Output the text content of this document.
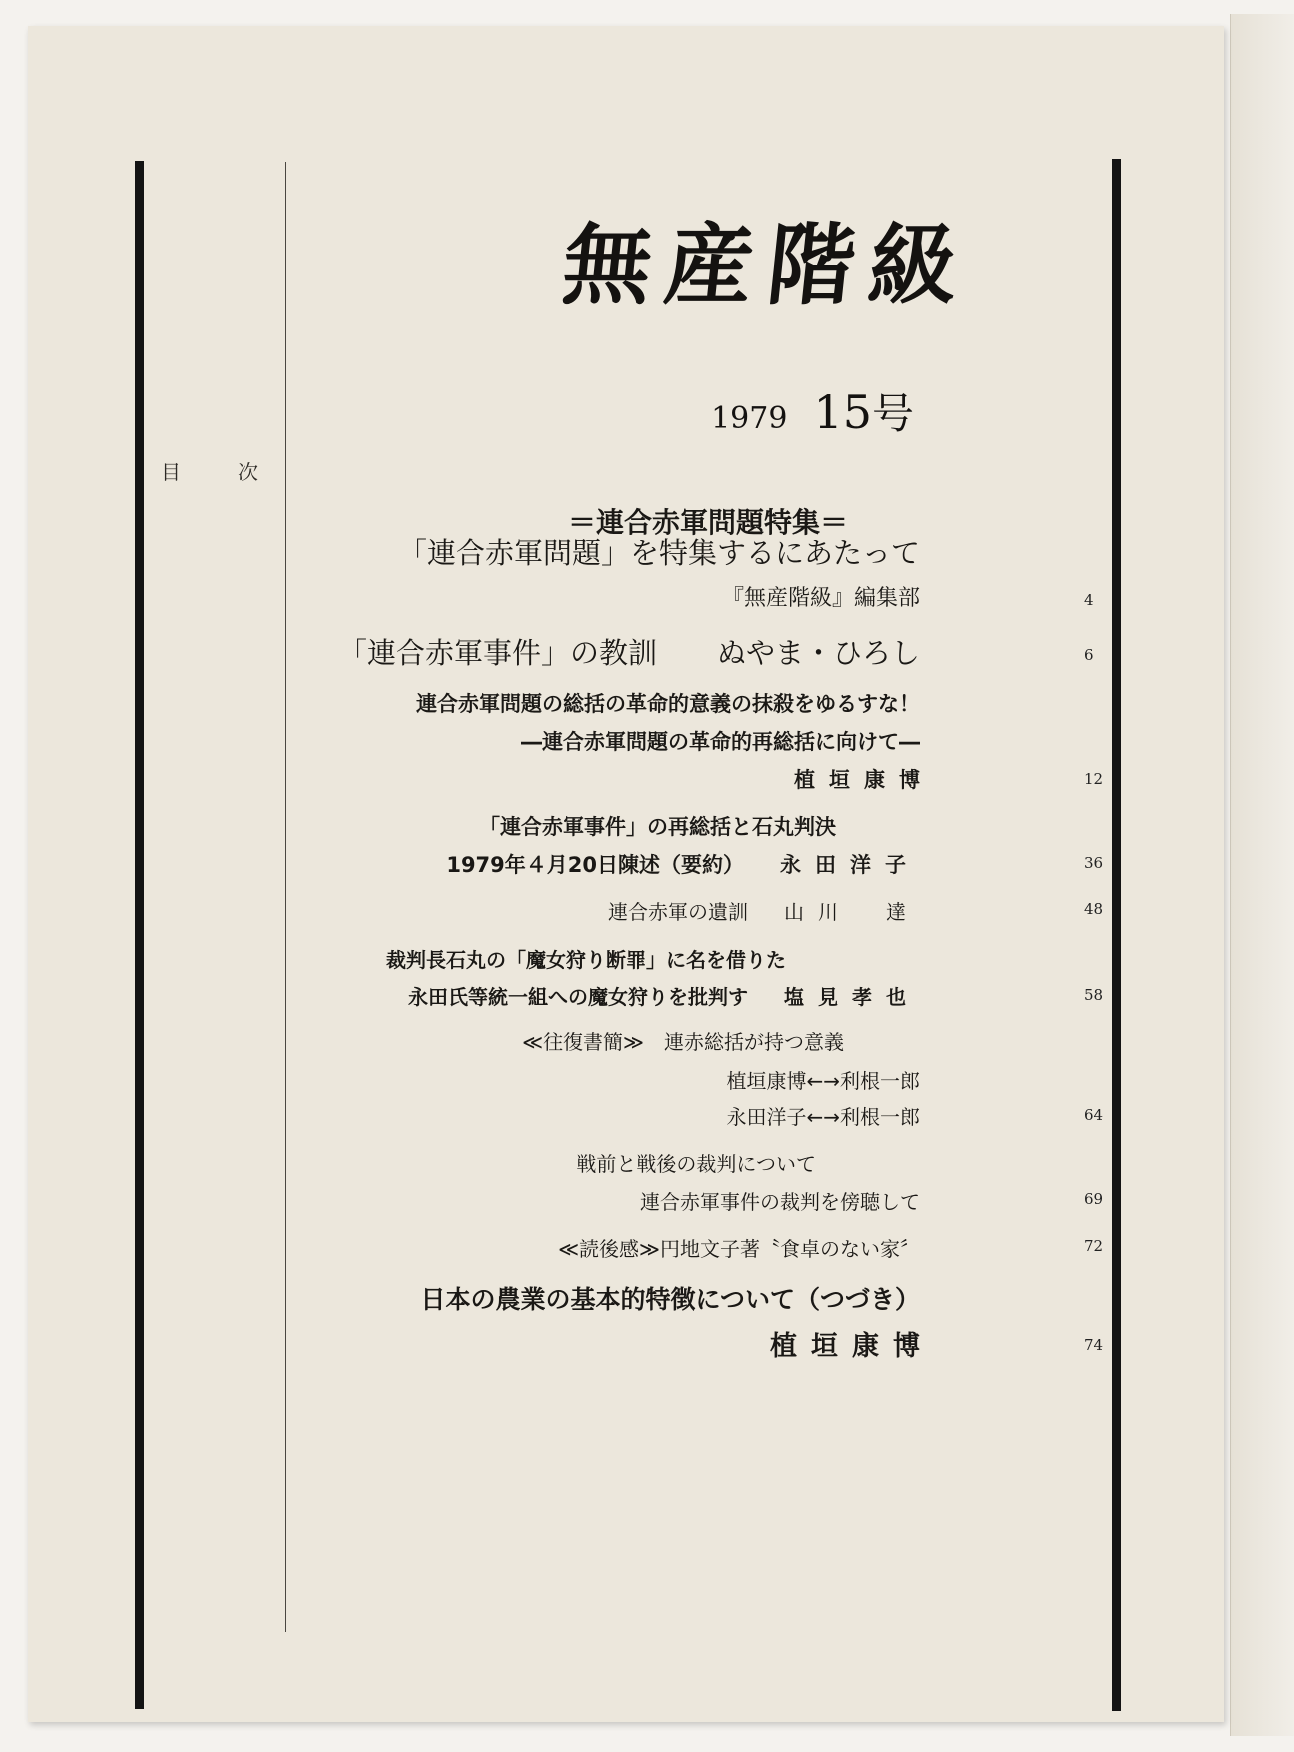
目	次
無産階級
1979 15号
＝連合赤軍問題特集＝
「連合赤軍問題」を特集するにあたって
『無産階級』編集部	4
「連合赤軍事件」の教訓 ぬやま・ひろし	6
連合赤軍問題の総括の革命的意義の抹殺をゆるすな！
―連合赤軍問題の革命的再総括に向けて―
植垣康博	12
「連合赤軍事件」の再総括と石丸判決
1979年４月20日陳述（要約） 永田洋子	36
連合赤軍の遺訓 山川　達	48
裁判長石丸の「魔女狩り断罪」に名を借りた
永田氏等統一組への魔女狩りを批判す 塩見孝也	58
≪往復書簡≫　連赤総括が持つ意義
植垣康博←→利根一郎
永田洋子←→利根一郎	64
戦前と戦後の裁判について
連合赤軍事件の裁判を傍聴して	69
≪読後感≫円地文子著〝食卓のない家〞	72
日本の農業の基本的特徴について（つづき）
植垣康博	74
